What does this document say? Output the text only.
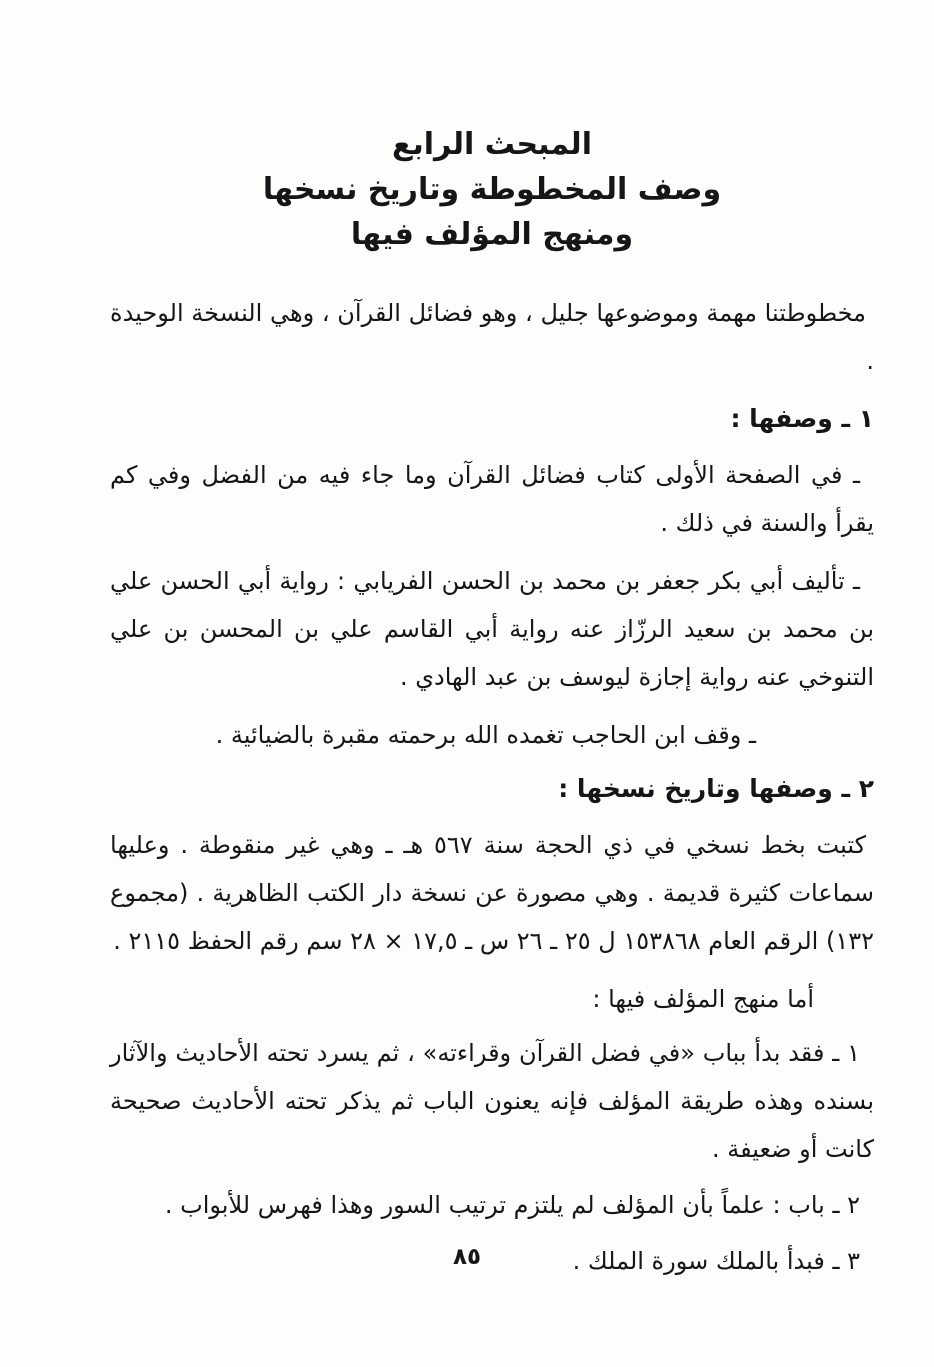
المبحث الرابع
وصف المخطوطة وتاريخ نسخها
ومنهج المؤلف فيها

مخطوطتنا مهمة وموضوعها جليل ، وهو فضائل القرآن ، وهي النسخة الوحيدة .

١ ـ وصفها :

ـ في الصفحة الأولى كتاب فضائل القرآن وما جاء فيه من الفضل وفي كم يقرأ والسنة في ذلك .

ـ تأليف أبي بكر جعفر بن محمد بن الحسن الفريابي : رواية أبي الحسن علي بن محمد بن سعيد الرزّاز عنه رواية أبي القاسم علي بن المحسن بن علي التنوخي عنه رواية إجازة ليوسف بن عبد الهادي .

ـ وقف ابن الحاجب تغمده الله برحمته مقبرة بالضيائية .

٢ ـ وصفها وتاريخ نسخها :

كتبت بخط نسخي في ذي الحجة سنة ٥٦٧ هـ ـ وهي غير منقوطة . وعليها سماعات كثيرة قديمة . وهي مصورة عن نسخة دار الكتب الظاهرية . (مجموع ١٣٢) الرقم العام ١٥٣٨٦٨ ل ٢٥ ـ ٢٦ س ـ ١٧,٥ × ٢٨ سم رقم الحفظ ٢١١٥ .

أما منهج المؤلف فيها :

١ ـ فقد بدأ بباب «في فضل القرآن وقراءته» ، ثم يسرد تحته الأحاديث والآثار بسنده وهذه طريقة المؤلف فإنه يعنون الباب ثم يذكر تحته الأحاديث صحيحة كانت أو ضعيفة .

٢ ـ باب : علماً بأن المؤلف لم يلتزم ترتيب السور وهذا فهرس للأبواب .

٣ ـ فبدأ بالملك سورة الملك .

٨٥
